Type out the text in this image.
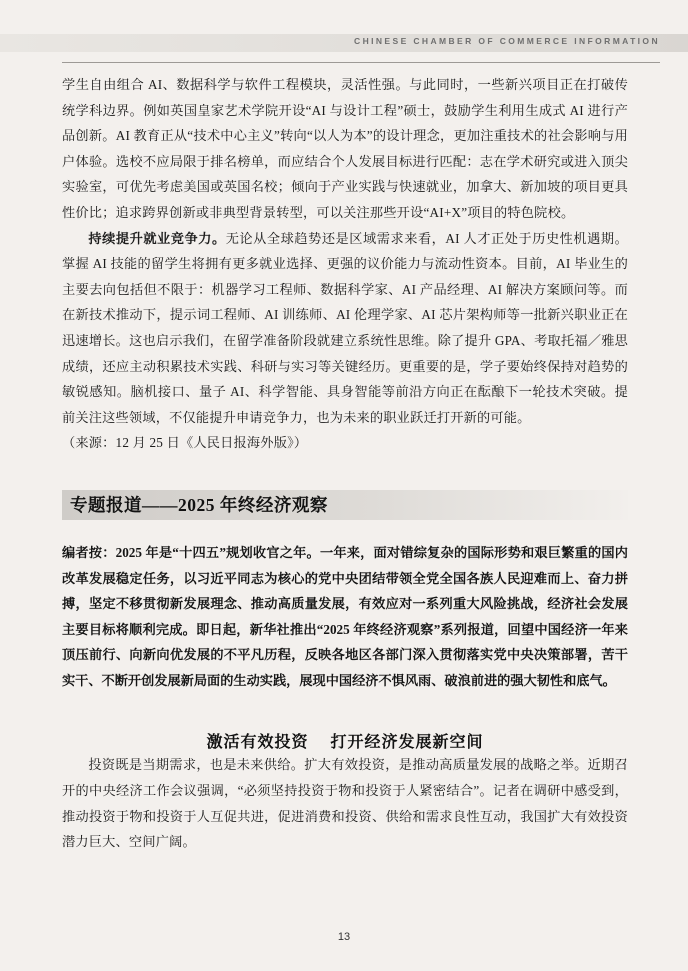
CHINESE CHAMBER OF COMMERCE INFORMATION

学生自由组合 AI、数据科学与软件工程模块，灵活性强。与此同时，一些新兴项目正在打破传统学科边界。例如英国皇家艺术学院开设“AI 与设计工程”硕士，鼓励学生利用生成式 AI 进行产品创新。AI 教育正从“技术中心主义”转向“以人为本”的设计理念，更加注重技术的社会影响与用户体验。选校不应局限于排名榜单，而应结合个人发展目标进行匹配：志在学术研究或进入顶尖实验室，可优先考虑美国或英国名校；倾向于产业实践与快速就业，加拿大、新加坡的项目更具性价比；追求跨界创新或非典型背景转型，可以关注那些开设“AI+X”项目的特色院校。

持续提升就业竞争力。无论从全球趋势还是区域需求来看，AI 人才正处于历史性机遇期。掌握 AI 技能的留学生将拥有更多就业选择、更强的议价能力与流动性资本。目前，AI 毕业生的主要去向包括但不限于：机器学习工程师、数据科学家、AI 产品经理、AI 解决方案顾问等。而在新技术推动下，提示词工程师、AI 训练师、AI 伦理学家、AI 芯片架构师等一批新兴职业正在迅速增长。这也启示我们，在留学准备阶段就建立系统性思维。除了提升 GPA、考取托福／雅思成绩，还应主动积累技术实践、科研与实习等关键经历。更重要的是，学子要始终保持对趋势的敏锐感知。脑机接口、量子 AI、科学智能、具身智能等前沿方向正在酝酿下一轮技术突破。提前关注这些领域，不仅能提升申请竞争力，也为未来的职业跃迁打开新的可能。

（来源：12 月 25 日《人民日报海外版》）

专题报道——2025 年终经济观察

编者按：2025 年是“十四五”规划收官之年。一年来，面对错综复杂的国际形势和艰巨繁重的国内改革发展稳定任务，以习近平同志为核心的党中央团结带领全党全国各族人民迎难而上、奋力拼搏，坚定不移贯彻新发展理念、推动高质量发展，有效应对一系列重大风险挑战，经济社会发展主要目标将顺利完成。即日起，新华社推出“2025 年终经济观察”系列报道，回望中国经济一年来顶压前行、向新向优发展的不平凡历程，反映各地区各部门深入贯彻落实党中央决策部署，苦干实干、不断开创发展新局面的生动实践，展现中国经济不惧风雨、破浪前进的强大韧性和底气。

激活有效投资 打开经济发展新空间

投资既是当期需求，也是未来供给。扩大有效投资，是推动高质量发展的战略之举。近期召开的中央经济工作会议强调，“必须坚持投资于物和投资于人紧密结合”。记者在调研中感受到，推动投资于物和投资于人互促共进，促进消费和投资、供给和需求良性互动，我国扩大有效投资潜力巨大、空间广阔。

13
